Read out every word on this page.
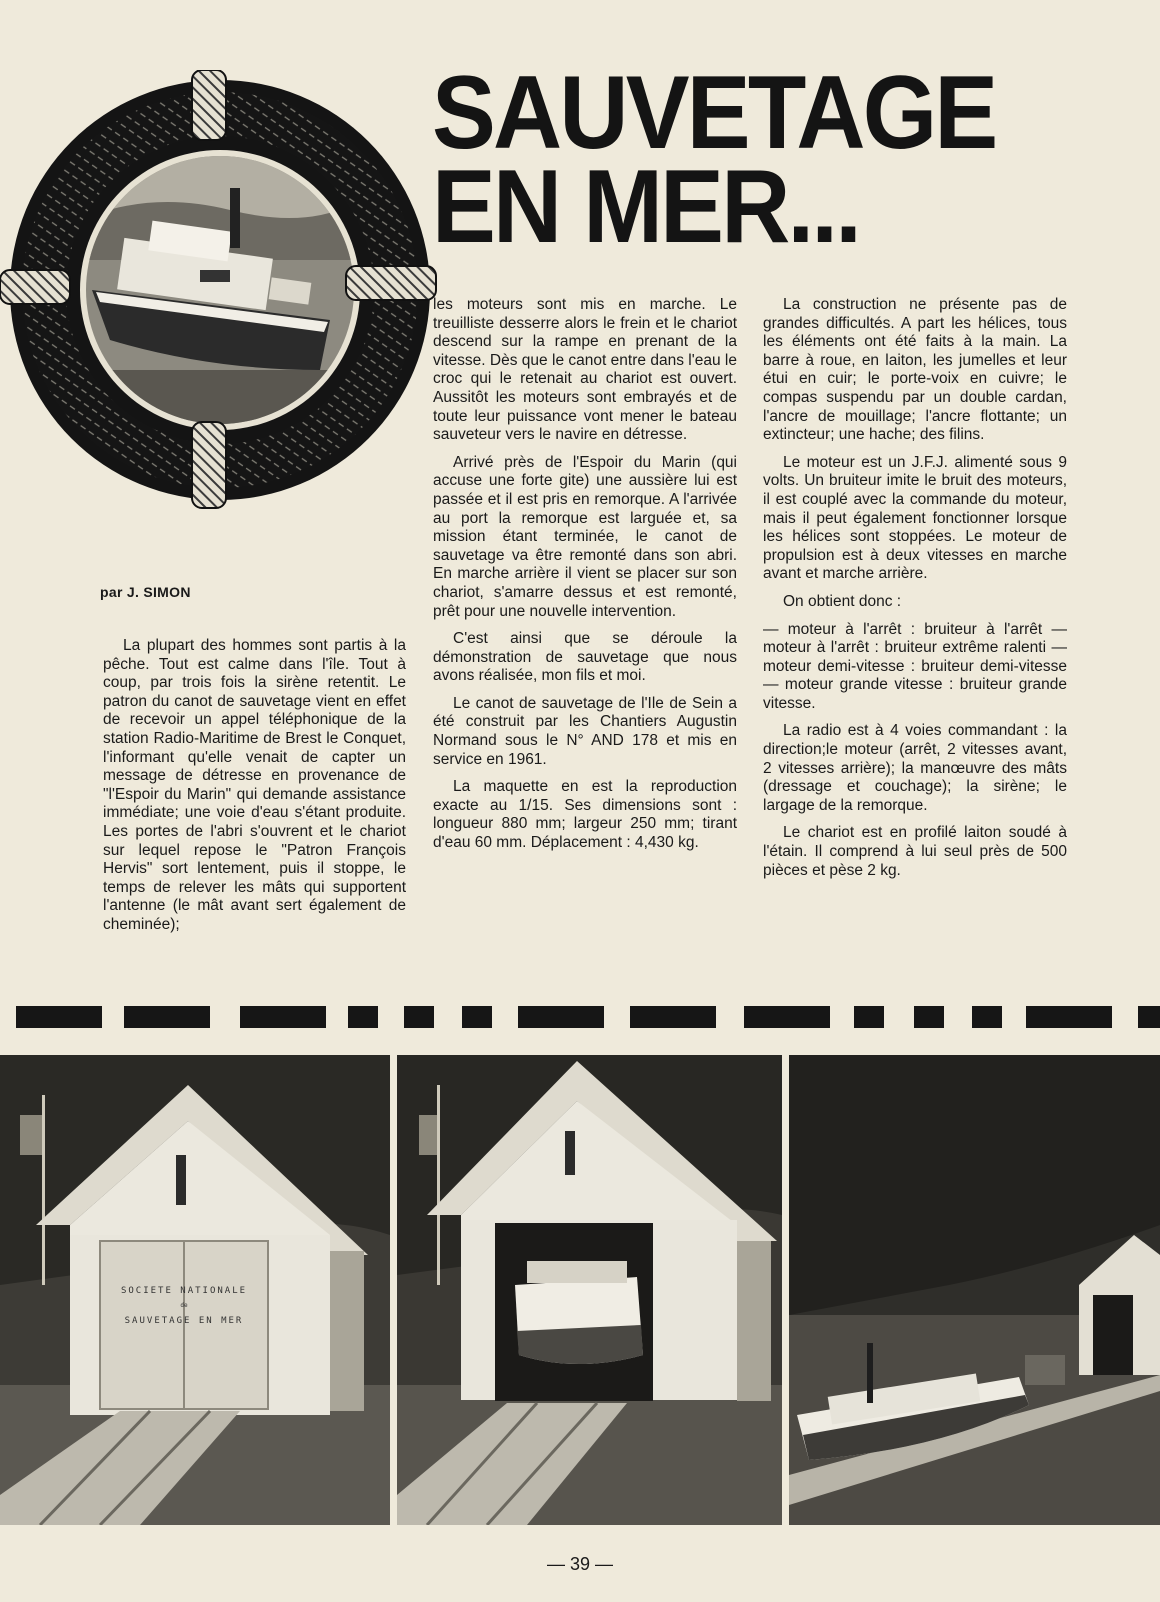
SAUVETAGE
EN MER...
par J. SIMON

La plupart des hommes sont partis à la pêche. Tout est calme dans l'île. Tout à coup, par trois fois la sirène retentit. Le patron du canot de sauvetage vient en effet de recevoir un appel téléphonique de la station Radio-Maritime de Brest le Conquet, l'informant qu'elle venait de capter un message de détresse en provenance de "l'Espoir du Marin" qui demande assistance immédiate; une voie d'eau s'étant produite. Les portes de l'abri s'ouvrent et le chariot sur lequel repose le "Patron François Hervis" sort lentement, puis il stoppe, le temps de relever les mâts qui supportent l'antenne (le mât avant sert également de cheminée);

les moteurs sont mis en marche. Le treuilliste desserre alors le frein et le chariot descend sur la rampe en prenant de la vitesse. Dès que le canot entre dans l'eau le croc qui le retenait au chariot est ouvert. Aussitôt les moteurs sont embrayés et de toute leur puissance vont mener le bateau sauveteur vers le navire en détresse.

Arrivé près de l'Espoir du Marin (qui accuse une forte gite) une aussière lui est passée et il est pris en remorque. A l'arrivée au port la remorque est larguée et, sa mission étant terminée, le canot de sauvetage va être remonté dans son abri. En marche arrière il vient se placer sur son chariot, s'amarre dessus et est remonté, prêt pour une nouvelle intervention.

C'est ainsi que se déroule la démonstration de sauvetage que nous avons réalisée, mon fils et moi.

Le canot de sauvetage de l'Ile de Sein a été construit par les Chantiers Augustin Normand sous le N° AND 178 et mis en service en 1961.

La maquette en est la reproduction exacte au 1/15. Ses dimensions sont : longueur 880 mm; largeur 250 mm; tirant d'eau 60 mm. Déplacement : 4,430 kg.

La construction ne présente pas de grandes difficultés. A part les hélices, tous les éléments ont été faits à la main. La barre à roue, en laiton, les jumelles et leur étui en cuir; le porte-voix en cuivre; le compas suspendu par un double cardan, l'ancre de mouillage; l'ancre flottante; un extincteur; une hache; des filins.

Le moteur est un J.F.J. alimenté sous 9 volts. Un bruiteur imite le bruit des moteurs, il est couplé avec la commande du moteur, mais il peut également fonctionner lorsque les hélices sont stoppées. Le moteur de propulsion est à deux vitesses en marche avant et marche arrière.

On obtient donc :

— moteur à l'arrêt : bruiteur à l'arrêt — moteur à l'arrêt : bruiteur extrême ralenti — moteur demi-vitesse : bruiteur demi-vitesse — moteur grande vitesse : bruiteur grande vitesse.

La radio est à 4 voies commandant : la direction;le moteur (arrêt, 2 vitesses avant, 2 vitesses arrière); la manœuvre des mâts (dressage et couchage); la sirène; le largage de la remorque.

Le chariot est en profilé laiton soudé à l'étain. Il comprend à lui seul près de 500 pièces et pèse 2 kg.

SOCIETE NATIONALE
de
SAUVETAGE EN MER
— 39 —
